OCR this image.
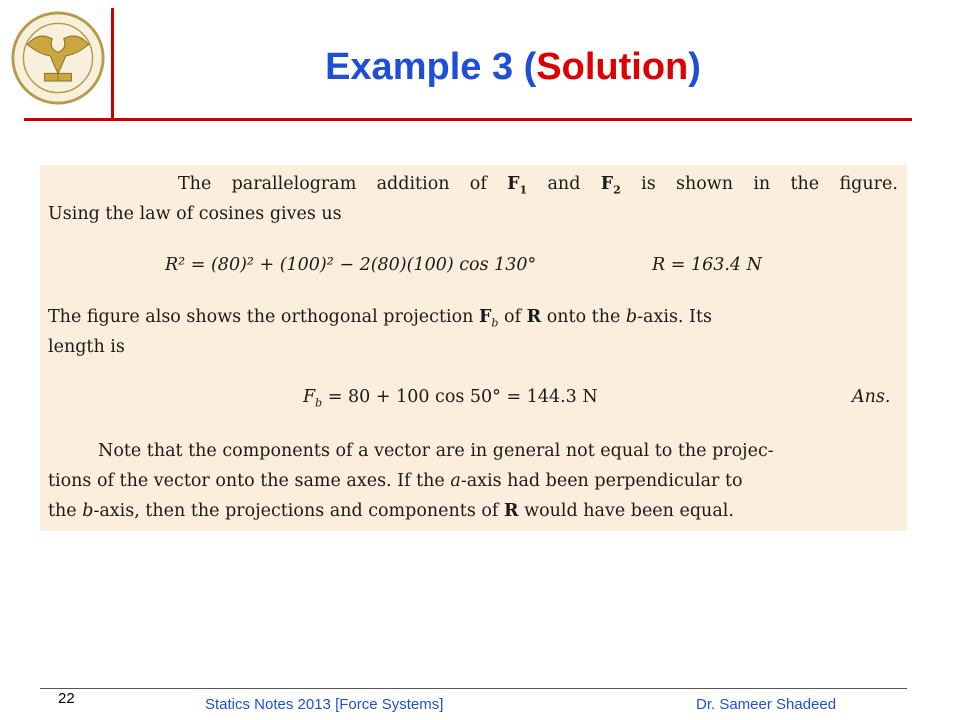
Example 3 (Solution)
The parallelogram addition of $F_1$ and $F_2$ is shown in the figure.
Using the law of cosines gives us
R² = (80)² + (100)² − 2(80)(100) cos 130°	R = 163.4 N
The figure also shows the orthogonal projection $F_b$ of R onto the b-axis. Its
length is
$F_b = 80 + 100$ cos 50° = 144.3 N	Ans.
Note that the components of a vector are in general not equal to the projec-
tions of the vector onto the same axes. If the a-axis had been perpendicular to
the b-axis, then the projections and components of R would have been equal.
22	Statics Notes 2013 [Force Systems]	Dr. Sameer Shadeed
